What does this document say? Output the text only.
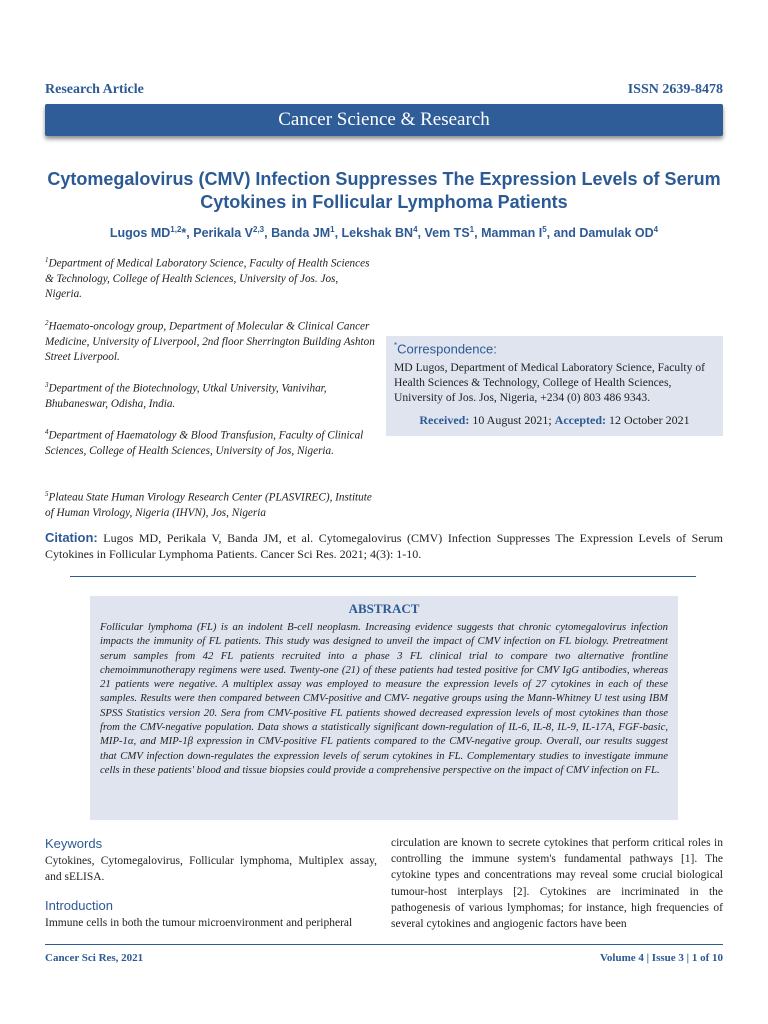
Research Article	ISSN 2639-8478
Cancer Science & Research
Cytomegalovirus (CMV) Infection Suppresses The Expression Levels of Serum Cytokines in Follicular Lymphoma Patients
Lugos MD$^{1,2}$*, Perikala V$^{2,3}$, Banda $JM^1$, Lekshak $BN^4$, Vem $TS^1$, Mamman $I^5$, and Damulak $OD^4$
$^1$Department of Medical Laboratory Science, Faculty of Health Sciences & Technology, College of Health Sciences, University of Jos. Jos, Nigeria.
$^2$Haemato-oncology group, Department of Molecular & Clinical Cancer Medicine, University of Liverpool, 2nd floor Sherrington Building Ashton Street Liverpool.
$^3$Department of the Biotechnology, Utkal University, Vanivihar, Bhubaneswar, Odisha, India.
$^4$Department of Haematology & Blood Transfusion, Faculty of Clinical Sciences, College of Health Sciences, University of Jos, Nigeria.
$^5$Plateau State Human Virology Research Center (PLASVIREC), Institute of Human Virology, Nigeria (IHVN), Jos, Nigeria
*Correspondence:
MD Lugos, Department of Medical Laboratory Science, Faculty of Health Sciences & Technology, College of Health Sciences, University of Jos. Jos, Nigeria, +234 (0) 803 486 9343.
Received: 10 August 2021; Accepted: 12 October 2021
Citation: Lugos MD, Perikala V, Banda JM, et al. Cytomegalovirus (CMV) Infection Suppresses The Expression Levels of Serum Cytokines in Follicular Lymphoma Patients. Cancer Sci Res. 2021; 4(3): 1-10.
ABSTRACT
Follicular lymphoma (FL) is an indolent B-cell neoplasm. Increasing evidence suggests that chronic cytomegalovirus infection impacts the immunity of FL patients. This study was designed to unveil the impact of CMV infection on FL biology. Pretreatment serum samples from 42 FL patients recruited into a phase 3 FL clinical trial to compare two alternative frontline chemoimmunotherapy regimens were used. Twenty-one (21) of these patients had tested positive for CMV IgG antibodies, whereas 21 patients were negative. A multiplex assay was employed to measure the expression levels of 27 cytokines in each of these samples. Results were then compared between CMV-positive and CMV- negative groups using the Mann-Whitney U test using IBM SPSS Statistics version 20. Sera from CMV-positive FL patients showed decreased expression levels of most cytokines than those from the CMV-negative population. Data shows a statistically significant down-regulation of IL-6, IL-8, IL-9, IL-17A, FGF-basic, MIP-1α, and MIP-1β expression in CMV-positive FL patients compared to the CMV-negative group. Overall, our results suggest that CMV infection down-regulates the expression levels of serum cytokines in FL. Complementary studies to investigate immune cells in these patients' blood and tissue biopsies could provide a comprehensive perspective on the impact of CMV infection on FL.
Keywords
Cytokines, Cytomegalovirus, Follicular lymphoma, Multiplex assay, and sELISA.
Introduction
Immune cells in both the tumour microenvironment and peripheral
circulation are known to secrete cytokines that perform critical roles in controlling the immune system's fundamental pathways [1]. The cytokine types and concentrations may reveal some crucial biological tumour-host interplays [2]. Cytokines are incriminated in the pathogenesis of various lymphomas; for instance, high frequencies of several cytokines and angiogenic factors have been
Cancer Sci Res, 2021	Volume 4 | Issue 3 | 1 of 10
